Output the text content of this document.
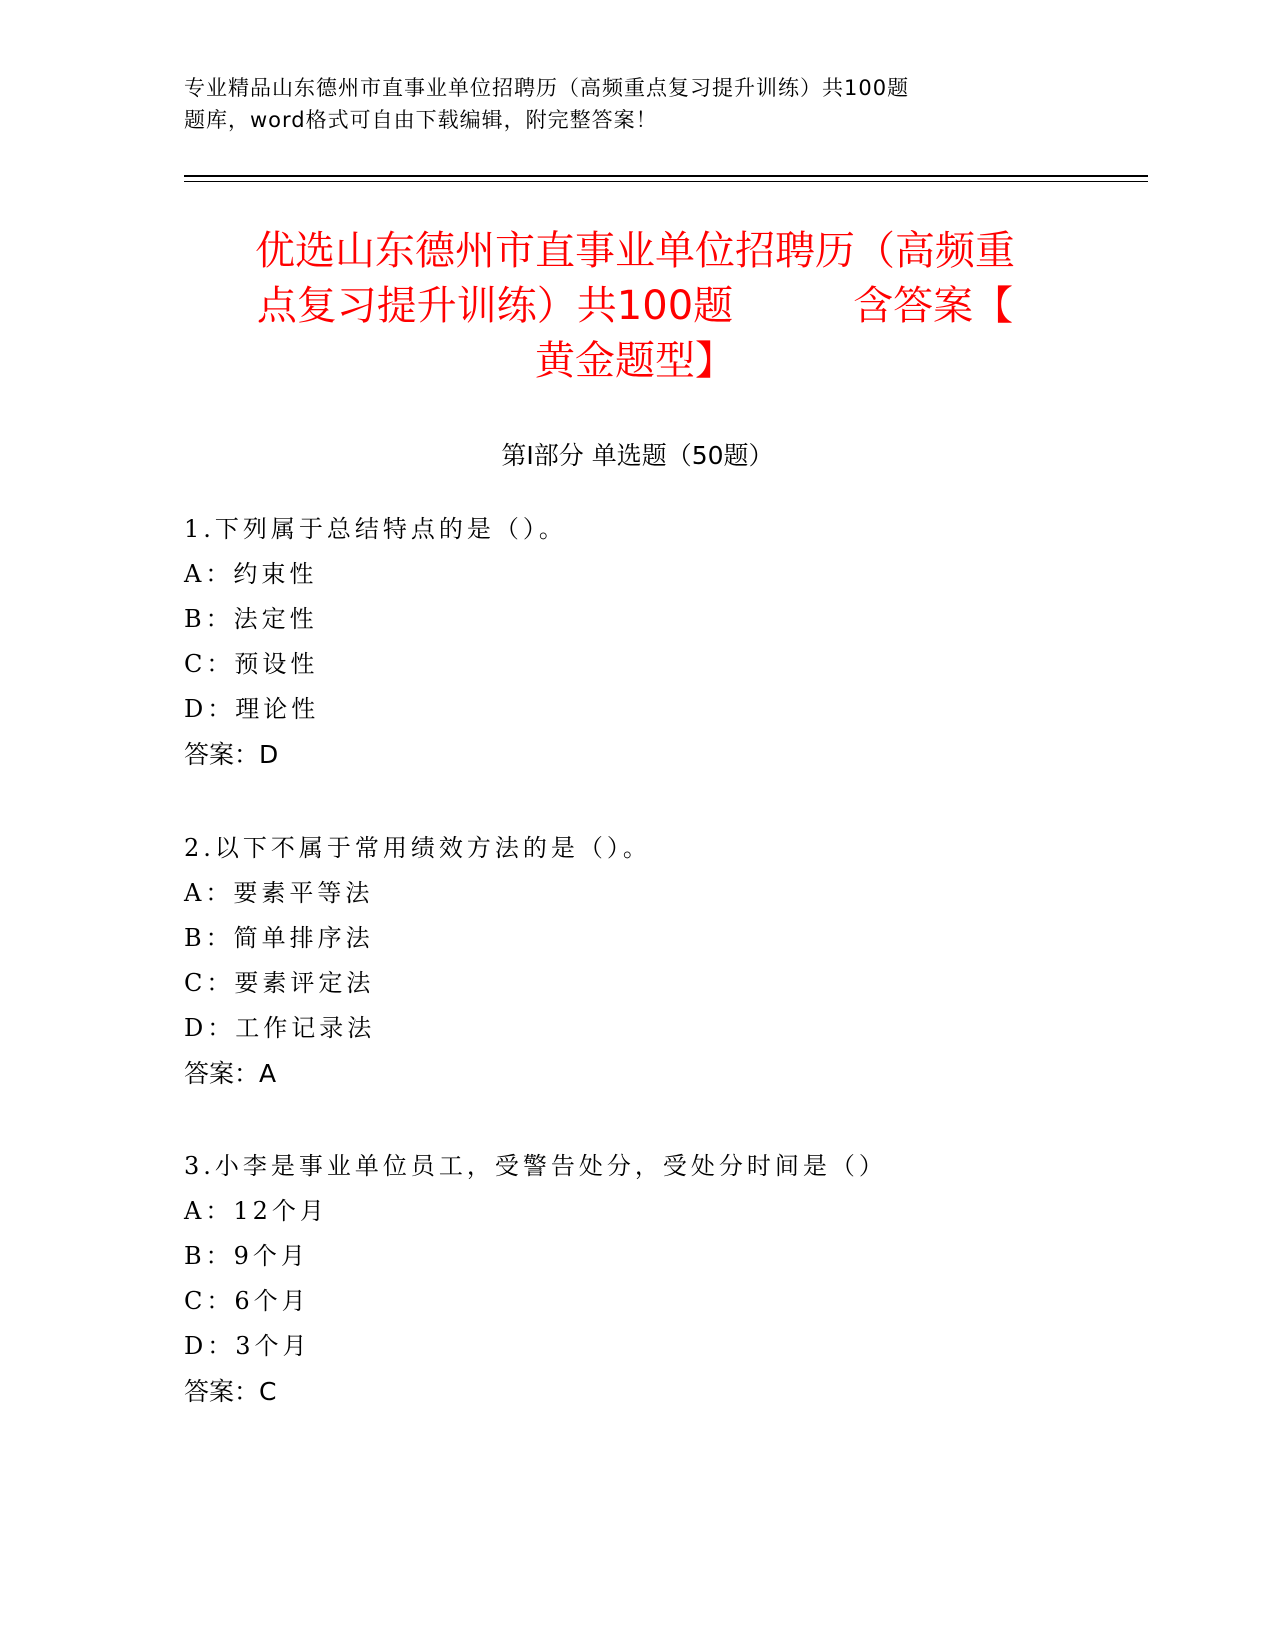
专业精品山东德州市直事业单位招聘历（高频重点复习提升训练）共100题
题库，word格式可自由下载编辑，附完整答案！
优选山东德州市直事业单位招聘历（高频重
点复习提升训练）共100题　　　含答案【
黄金题型】
第Ⅰ部分 单选题（50题）
1.下列属于总结特点的是（）。
A：约束性
B：法定性
C：预设性
D：理论性
答案：D
2.以下不属于常用绩效方法的是（）。
A：要素平等法
B：简单排序法
C：要素评定法
D：工作记录法
答案：A
3.小李是事业单位员工，受警告处分，受处分时间是（）
A：12个月
B：9个月
C：6个月
D：3个月
答案：C
